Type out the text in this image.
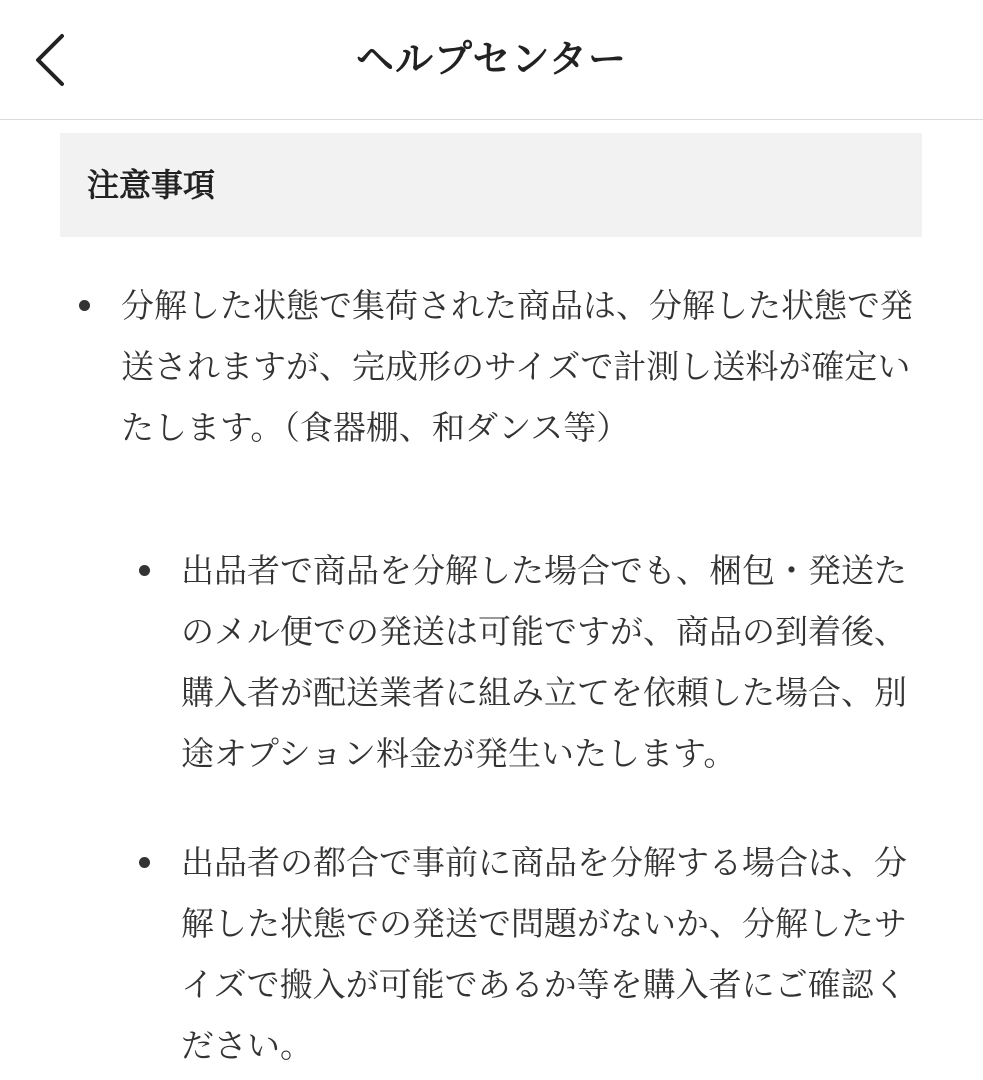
ヘルプセンター
注意事項
分解した状態で集荷された商品は、分解した状態で発送されますが、完成形のサイズで計測し送料が確定いたします。（食器棚、和ダンス等）
出品者で商品を分解した場合でも、梱包・発送たのメル便での発送は可能ですが、商品の到着後、購入者が配送業者に組み立てを依頼した場合、別途オプション料金が発生いたします。
出品者の都合で事前に商品を分解する場合は、分解した状態での発送で問題がないか、分解したサイズで搬入が可能であるか等を購入者にご確認ください。
